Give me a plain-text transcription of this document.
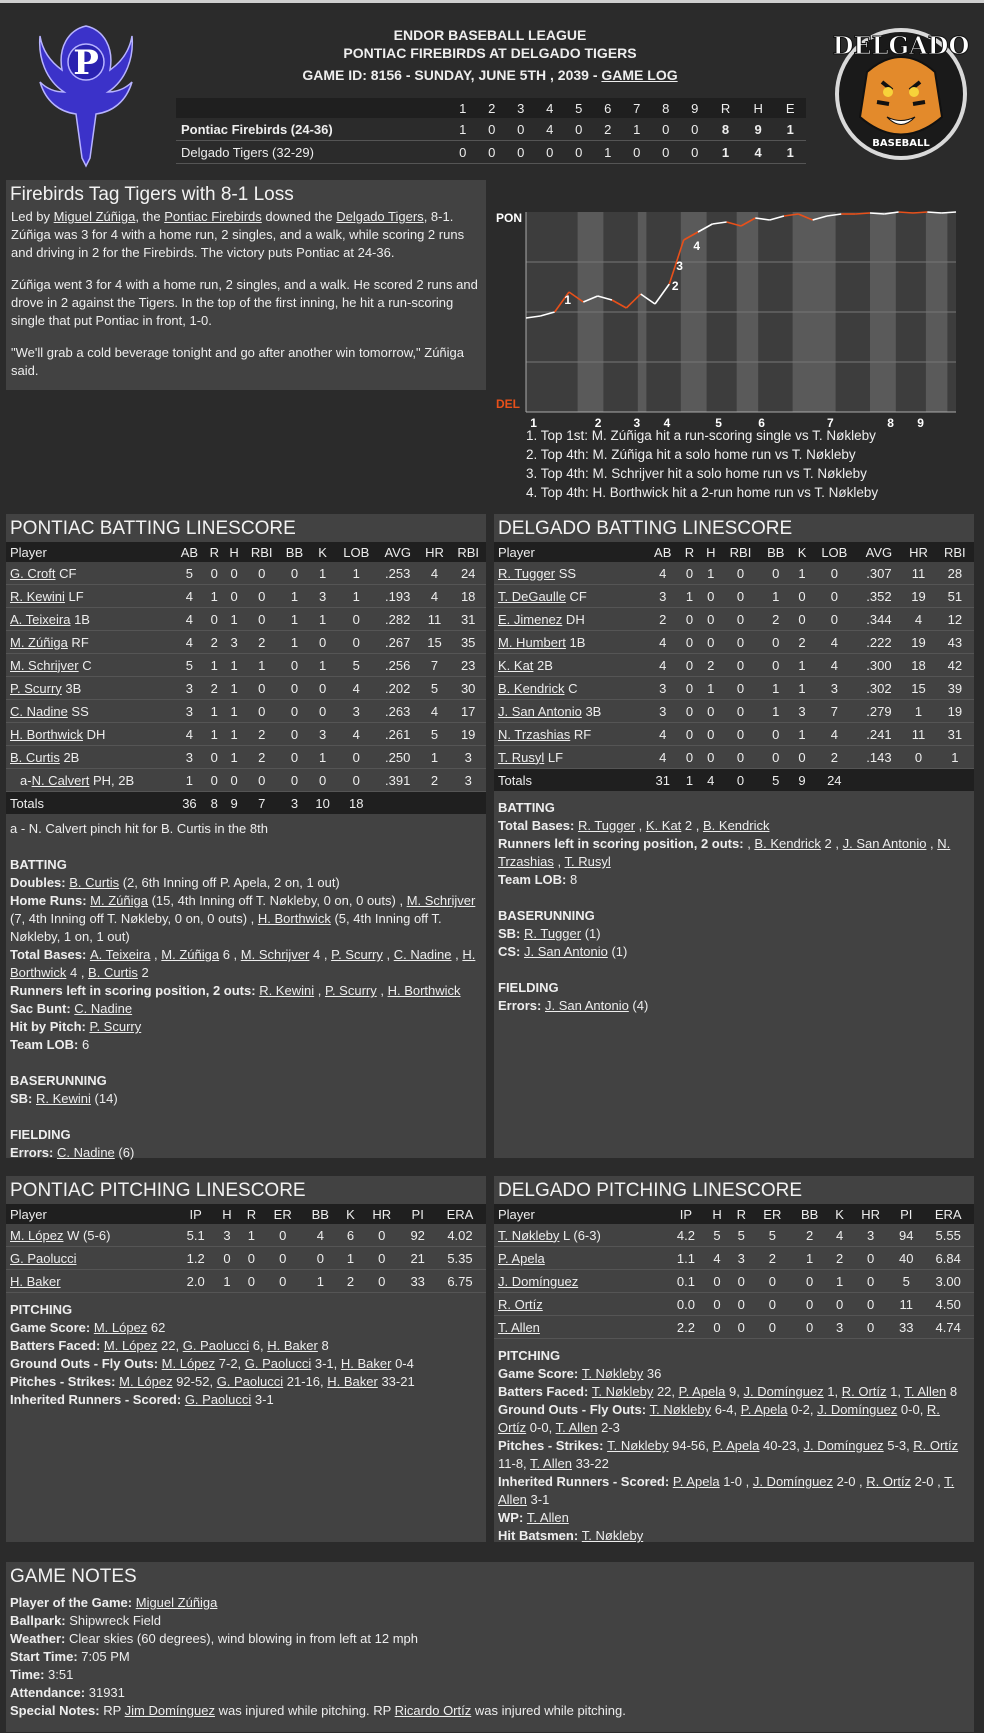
P	DELGADO
BASEBALL
ENDOR BASEBALL LEAGUE
PONTIAC FIREBIRDS AT DELGADO TIGERS
GAME ID: 8156 - SUNDAY, JUNE 5TH , 2039 - GAME LOG
	1	2	3	4	5	6	7	8	9	R	H	E
Pontiac Firebirds (24-36)	1	0	0	4	0	2	1	0	0	8	9	1
Delgado Tigers (32-29)	0	0	0	0	0	1	0	0	0	1	4	1
Firebirds Tag Tigers with 8-1 Loss

Led by Miguel Zúñiga, the Pontiac Firebirds downed the Delgado Tigers, 8-1. Zúñiga was 3 for 4 with a home run, 2 singles, and a walk, while scoring 2 runs and driving in 2 for the Firebirds. The victory puts Pontiac at 24-36.

Zúñiga went 3 for 4 with a home run, 2 singles, and a walk. He scored 2 runs and drove in 2 against the Tigers. In the top of the first inning, he hit a run-scoring single that put Pontiac in front, 1-0.

"We'll grab a cold beverage tonight and go after another win tomorrow," Zúñiga said.

1
2
3
4
PON
DEL
1	2	3 4	5	6	7	8 9
1. Top 1st: M. Zúñiga hit a run-scoring single vs T. Nøkleby
2. Top 4th: M. Zúñiga hit a solo home run vs T. Nøkleby
3. Top 4th: M. Schrijver hit a solo home run vs T. Nøkleby
4. Top 4th: H. Borthwick hit a 2-run home run vs T. Nøkleby
PONTIAC BATTING LINESCORE
Player	AB	R	H	RBI	BB	K	LOB	AVG	HR	RBI
G. Croft CF	5	0	0	0	0	1	1	.253	4	24
R. Kewini LF	4	1	0	0	1	3	1	.193	4	18
A. Teixeira 1B	4	0	1	0	1	1	0	.282	11	31
M. Zúñiga RF	4	2	3	2	1	0	0	.267	15	35
M. Schrijver C	5	1	1	1	0	1	5	.256	7	23
P. Scurry 3B	3	2	1	0	0	0	4	.202	5	30
C. Nadine SS	3	1	1	0	0	0	3	.263	4	17
H. Borthwick DH	4	1	1	2	0	3	4	.261	5	19
B. Curtis 2B	3	0	1	2	0	1	0	.250	1	3
a-N. Calvert PH, 2B	1	0	0	0	0	0	0	.391	2	3
Totals	36	8	9	7	3	10	18			
a - N. Calvert pinch hit for B. Curtis in the 8th
BATTING
Doubles: B. Curtis (2, 6th Inning off P. Apela, 2 on, 1 out)
Home Runs: M. Zúñiga (15, 4th Inning off T. Nøkleby, 0 on, 0 outs) , M. Schrijver (7, 4th Inning off T. Nøkleby, 0 on, 0 outs) , H. Borthwick (5, 4th Inning off T. Nøkleby, 1 on, 1 out)
Total Bases: A. Teixeira , M. Zúñiga 6 , M. Schrijver 4 , P. Scurry , C. Nadine , H. Borthwick 4 , B. Curtis 2
Runners left in scoring position, 2 outs: R. Kewini , P. Scurry , H. Borthwick
Sac Bunt: C. Nadine
Hit by Pitch: P. Scurry
Team LOB: 6
BASERUNNING
SB: R. Kewini (14)
FIELDING
Errors: C. Nadine (6)
DELGADO BATTING LINESCORE
Player	AB	R	H	RBI	BB	K	LOB	AVG	HR	RBI
R. Tugger SS	4	0	1	0	0	1	0	.307	11	28
T. DeGaulle CF	3	1	0	0	1	0	0	.352	19	51
E. Jimenez DH	2	0	0	0	2	0	0	.344	4	12
M. Humbert 1B	4	0	0	0	0	2	4	.222	19	43
K. Kat 2B	4	0	2	0	0	1	4	.300	18	42
B. Kendrick C	3	0	1	0	1	1	3	.302	15	39
J. San Antonio 3B	3	0	0	0	1	3	7	.279	1	19
N. Trzashias RF	4	0	0	0	0	1	4	.241	11	31
T. Rusyl LF	4	0	0	0	0	0	2	.143	0	1
Totals	31	1	4	0	5	9	24			
BATTING
Total Bases: R. Tugger , K. Kat 2 , B. Kendrick
Runners left in scoring position, 2 outs: , B. Kendrick 2 , J. San Antonio , N. Trzashias , T. Rusyl
Team LOB: 8
BASERUNNING
SB: R. Tugger (1)
CS: J. San Antonio (1)
FIELDING
Errors: J. San Antonio (4)
PONTIAC PITCHING LINESCORE
Player	IP	H	R	ER	BB	K	HR	PI	ERA
M. López W (5-6)	5.1	3	1	0	4	6	0	92	4.02
G. Paolucci	1.2	0	0	0	0	1	0	21	5.35
H. Baker	2.0	1	0	0	1	2	0	33	6.75
PITCHING
Game Score: M. López 62
Batters Faced: M. López 22, G. Paolucci 6, H. Baker 8
Ground Outs - Fly Outs: M. López 7-2, G. Paolucci 3-1, H. Baker 0-4
Pitches - Strikes: M. López 92-52, G. Paolucci 21-16, H. Baker 33-21
Inherited Runners - Scored: G. Paolucci 3-1
DELGADO PITCHING LINESCORE
Player	IP	H	R	ER	BB	K	HR	PI	ERA
T. Nøkleby L (6-3)	4.2	5	5	5	2	4	3	94	5.55
P. Apela	1.1	4	3	2	1	2	0	40	6.84
J. Domínguez	0.1	0	0	0	0	1	0	5	3.00
R. Ortíz	0.0	0	0	0	0	0	0	11	4.50
T. Allen	2.2	0	0	0	0	3	0	33	4.74
PITCHING
Game Score: T. Nøkleby 36
Batters Faced: T. Nøkleby 22, P. Apela 9, J. Domínguez 1, R. Ortíz 1, T. Allen 8
Ground Outs - Fly Outs: T. Nøkleby 6-4, P. Apela 0-2, J. Domínguez 0-0, R. Ortíz 0-0, T. Allen 2-3
Pitches - Strikes: T. Nøkleby 94-56, P. Apela 40-23, J. Domínguez 5-3, R. Ortíz 11-8, T. Allen 33-22
Inherited Runners - Scored: P. Apela 1-0 , J. Domínguez 2-0 , R. Ortíz 2-0 , T. Allen 3-1
WP: T. Allen
Hit Batsmen: T. Nøkleby
GAME NOTES
Player of the Game: Miguel Zúñiga
Ballpark: Shipwreck Field
Weather: Clear skies (60 degrees), wind blowing in from left at 12 mph
Start Time: 7:05 PM
Time: 3:51
Attendance: 31931
Special Notes: RP Jim Domínguez was injured while pitching. RP Ricardo Ortíz was injured while pitching.
